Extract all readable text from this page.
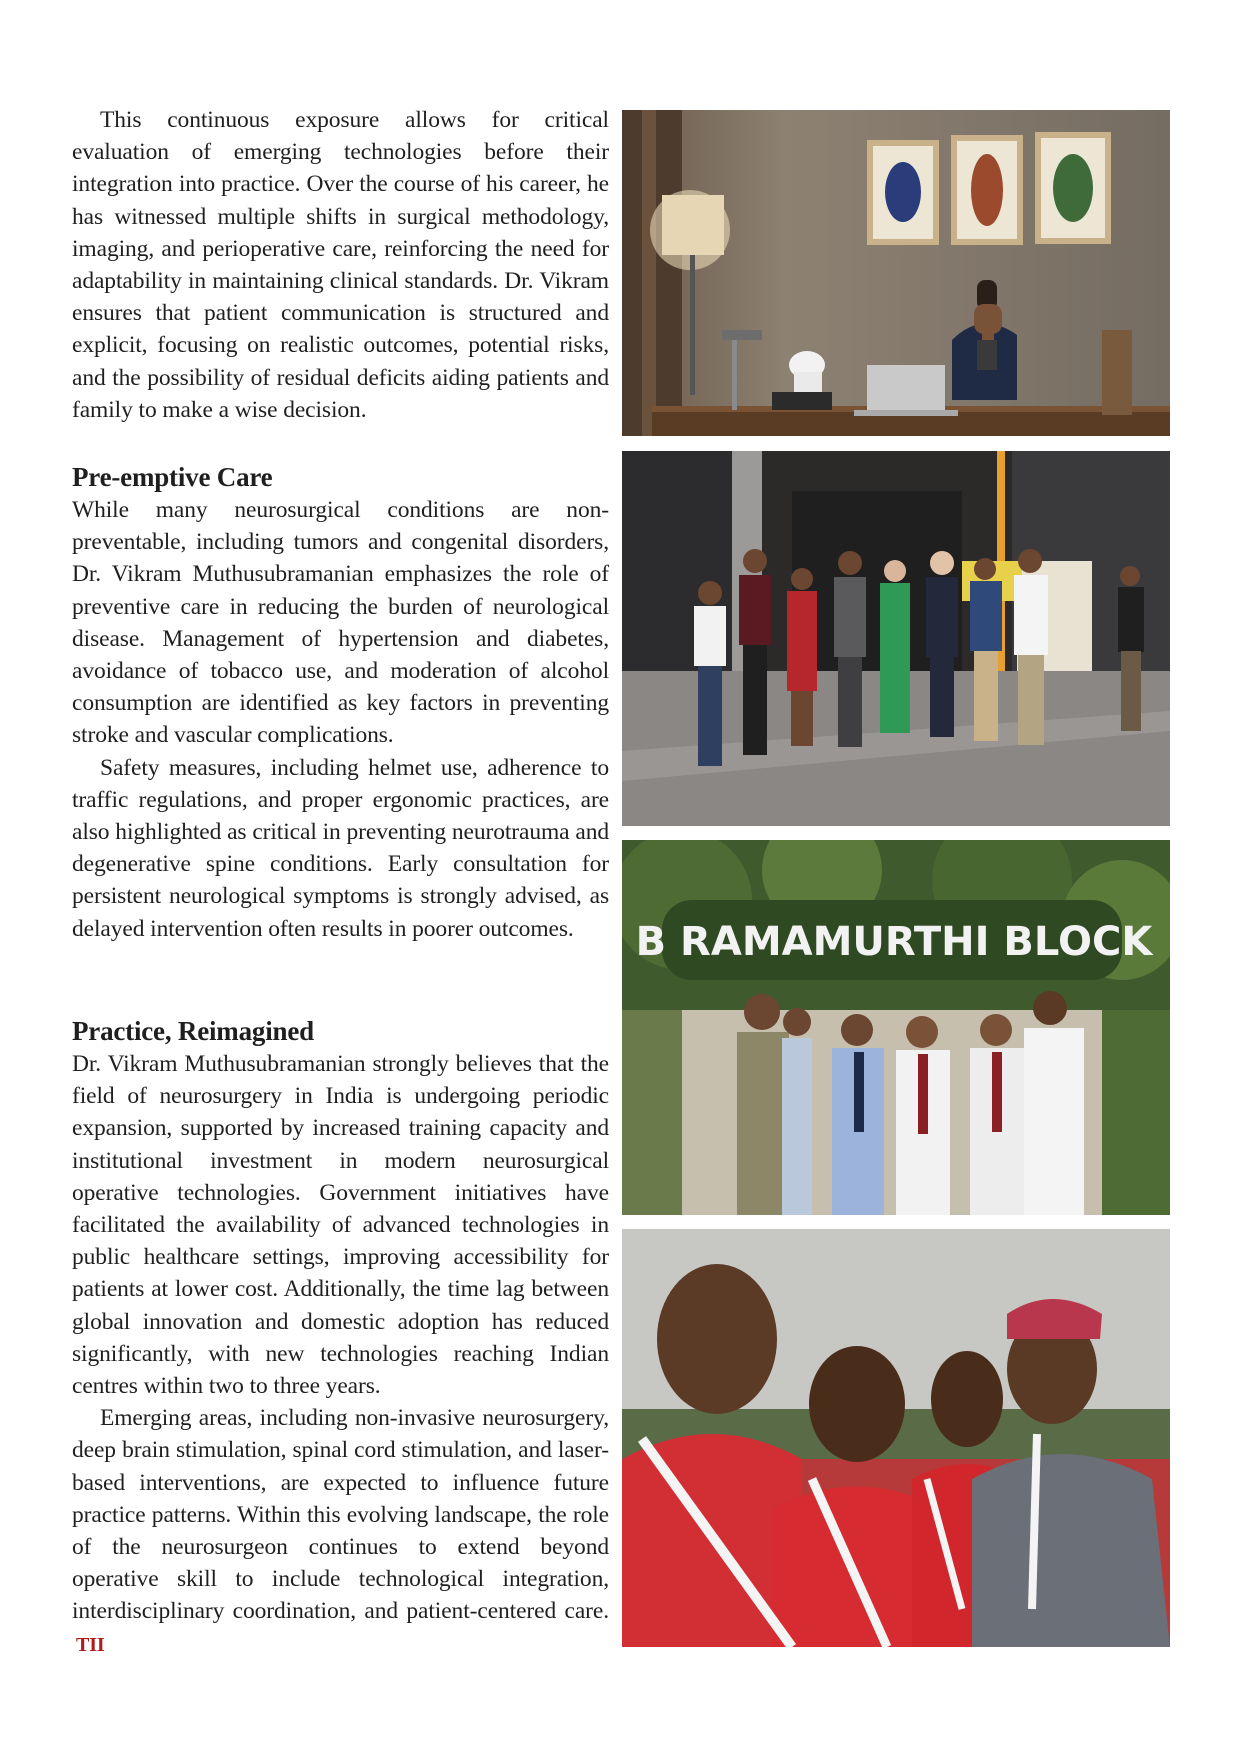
This continuous exposure allows for critical evaluation of emerging technologies before their integration into practice. Over the course of his career, he has witnessed multiple shifts in surgical methodology, imaging, and perioperative care, reinforcing the need for adaptability in maintaining clinical standards. Dr. Vikram ensures that patient communication is structured and explicit, focusing on realistic outcomes, potential risks, and the possibility of residual deficits aiding patients and family to make a wise decision.

Pre-emptive Care

While many neurosurgical conditions are non-preventable, including tumors and congenital disorders, Dr. Vikram Muthusubramanian emphasizes the role of preventive care in reducing the burden of neurological disease. Management of hypertension and diabetes, avoidance of tobacco use, and moderation of alcohol consumption are identified as key factors in preventing stroke and vascular complications.

Safety measures, including helmet use, adherence to traffic regulations, and proper ergonomic practices, are also highlighted as critical in preventing neurotrauma and degenerative spine conditions. Early consultation for persistent neurological symptoms is strongly advised, as delayed intervention often results in poorer outcomes.

Practice, Reimagined

Dr. Vikram Muthusubramanian strongly believes that the field of neurosurgery in India is undergoing periodic expansion, supported by increased training capacity and institutional investment in modern neurosurgical operative technologies. Government initiatives have facilitated the availability of advanced technologies in public healthcare settings, improving accessibility for patients at lower cost. Additionally, the time lag between global innovation and domestic adoption has reduced significantly, with new technologies reaching Indian centres within two to three years.

Emerging areas, including non-invasive neurosurgery, deep brain stimulation, spinal cord stimulation, and laser-based interventions, are expected to influence future practice patterns. Within this evolving landscape, the role of the neurosurgeon continues to extend beyond operative skill to include technological integration, interdisciplinary coordination, and patient-centered care. TII

B RAMAMURTHI BLOCK
